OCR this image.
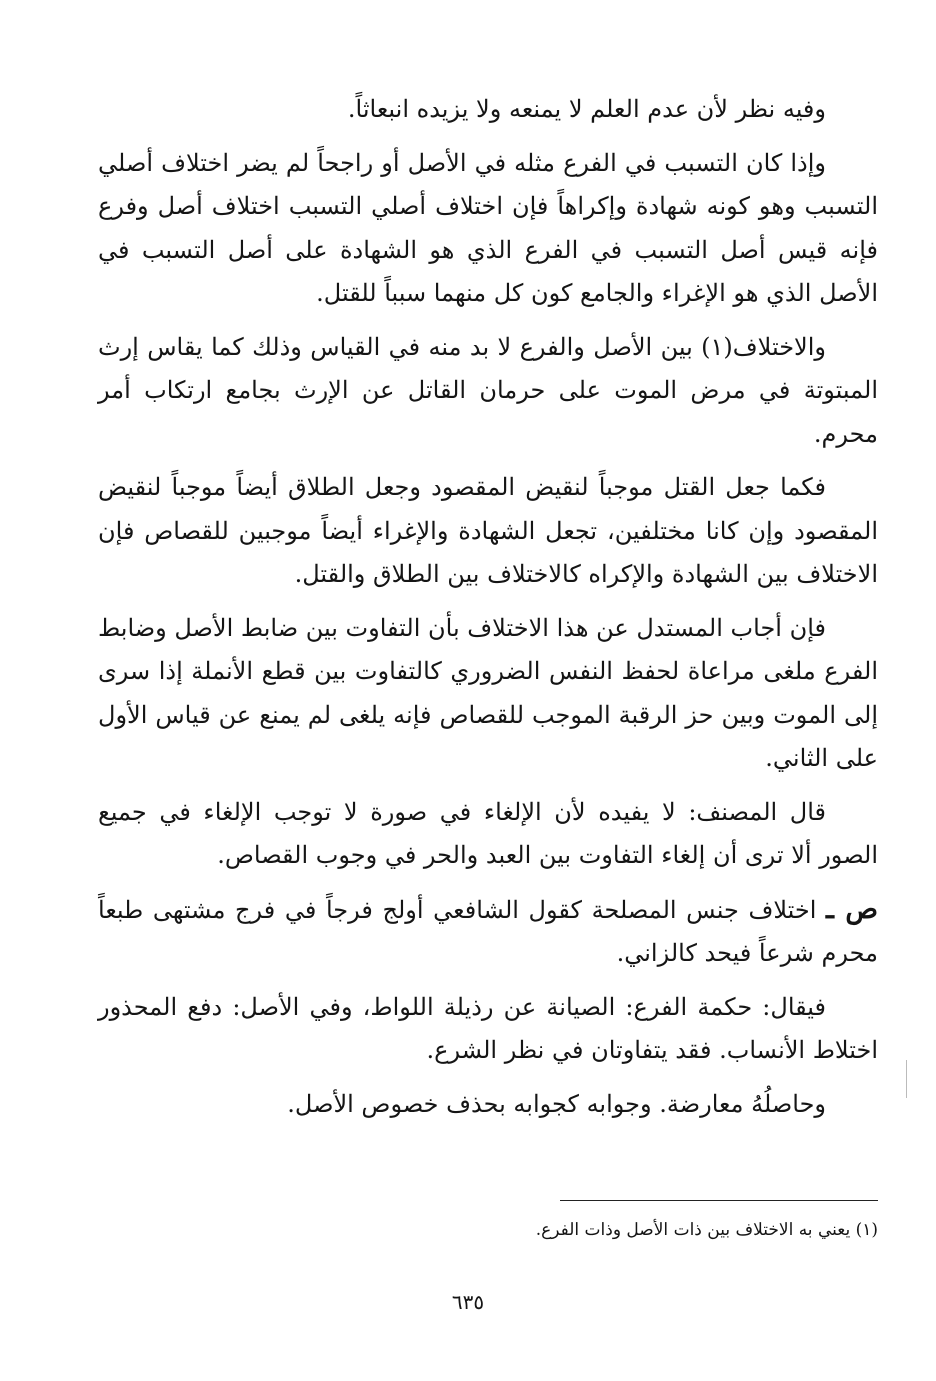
وفيه نظر لأن عدم العلم لا يمنعه ولا يزيده انبعاثاً.

وإذا كان التسبب في الفرع مثله في الأصل أو راجحاً لم يضر اختلاف أصلي التسبب وهو كونه شهادة وإكراهاً فإن اختلاف أصلي التسبب اختلاف أصل وفرع فإنه قيس أصل التسبب في الفرع الذي هو الشهادة على أصل التسبب في الأصل الذي هو الإغراء والجامع كون كل منهما سبباً للقتل.

والاختلاف(١) بين الأصل والفرع لا بد منه في القياس وذلك كما يقاس إرث المبتوتة في مرض الموت على حرمان القاتل عن الإرث بجامع ارتكاب أمر محرم.

فكما جعل القتل موجباً لنقيض المقصود وجعل الطلاق أيضاً موجباً لنقيض المقصود وإن كانا مختلفين، تجعل الشهادة والإغراء أيضاً موجبين للقصاص فإن الاختلاف بين الشهادة والإكراه كالاختلاف بين الطلاق والقتل.

فإن أجاب المستدل عن هذا الاختلاف بأن التفاوت بين ضابط الأصل وضابط الفرع ملغى مراعاة لحفظ النفس الضروري كالتفاوت بين قطع الأنملة إذا سرى إلى الموت وبين حز الرقبة الموجب للقصاص فإنه يلغى لم يمنع عن قياس الأول على الثاني.

قال المصنف: لا يفيده لأن الإلغاء في صورة لا توجب الإلغاء في جميع الصور ألا ترى أن إلغاء التفاوت بين العبد والحر في وجوب القصاص.

ص ـ اختلاف جنس المصلحة كقول الشافعي أولج فرجاً في فرج مشتهى طبعاً محرم شرعاً فيحد كالزاني.

فيقال: حكمة الفرع: الصيانة عن رذيلة اللواط، وفي الأصل: دفع المحذور اختلاط الأنساب. فقد يتفاوتان في نظر الشرع.

وحاصلُهُ معارضة. وجوابه كجوابه بحذف خصوص الأصل.

(١) يعني به الاختلاف بين ذات الأصل وذات الفرع.
٦٣٥
